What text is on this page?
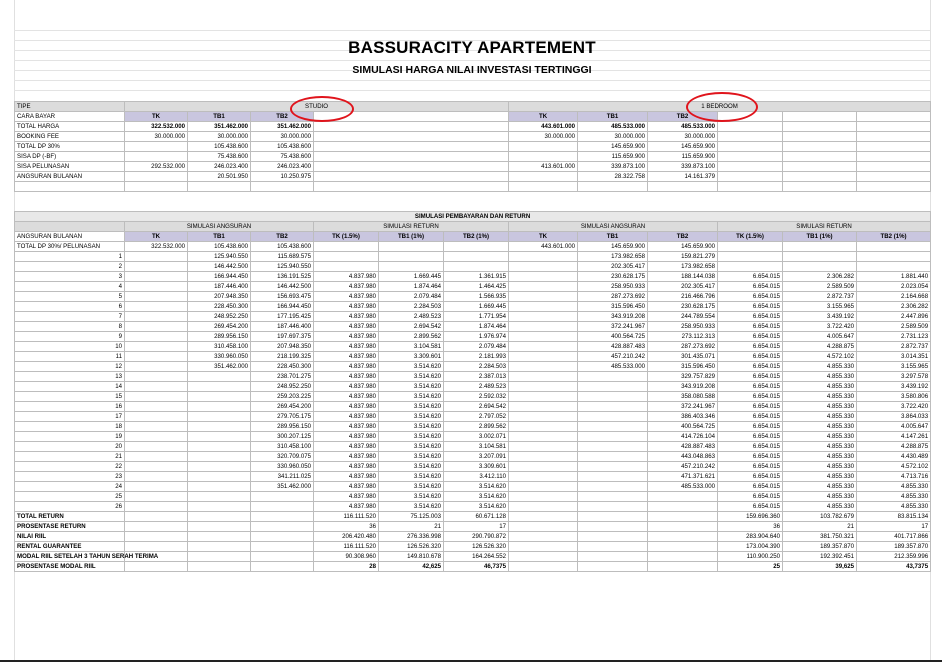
BASSURACITY APARTEMENT
SIMULASI HARGA NILAI INVESTASI TERTINGGI
TIPE	STUDIO				1 BEDROOM					
CARA BAYAR	TK	TB1	TB2		TK	TB1	TB2			
TOTAL HARGA	322.532.000	351.462.000	351.462.000		443.601.000	485.533.000	485.533.000			
BOOKING FEE	30.000.000	30.000.000	30.000.000		30.000.000	30.000.000	30.000.000			
TOTAL DP 30%		105.438.600	105.438.600			145.659.900	145.659.900			
SISA DP (-BF)		75.438.600	75.438.600			115.659.900	115.659.900			
SISA PELUNASAN	292.532.000	246.023.400	246.023.400		413.601.000	339.873.100	339.873.100			
ANGSURAN BULANAN		20.501.950	10.250.975			28.322.758	14.161.379			

SIMULASI PEMBAYARAN DAN RETURN												
	SIMULASI ANGSURAN			SIMULASI RETURN			SIMULASI ANGSURAN			SIMULASI RETURN		
ANGSURAN BULANAN	TK	TB1	TB2	TK (1.5%)	TB1 (1%)	TB2 (1%)	TK	TB1	TB2	TK (1.5%)	TB1 (1%)	TB2 (1%)
TOTAL DP 30%/ PELUNASAN	322.532.000	105.438.600	105.438.600				443.601.000	145.659.900	145.659.900			
1		125.940.550	115.689.575					173.982.658	159.821.279			
2		146.442.500	125.940.550					202.305.417	173.982.658			
3		166.944.450	136.191.525	4.837.980	1.669.445	1.361.915		230.628.175	188.144.038	6.654.015	2.306.282	1.881.440
4		187.446.400	146.442.500	4.837.980	1.874.464	1.464.425		258.950.933	202.305.417	6.654.015	2.589.509	2.023.054
5		207.948.350	156.693.475	4.837.980	2.079.484	1.566.935		287.273.692	216.466.796	6.654.015	2.872.737	2.164.668
6		228.450.300	166.944.450	4.837.980	2.284.503	1.669.445		315.596.450	230.628.175	6.654.015	3.155.965	2.306.282
7		248.952.250	177.195.425	4.837.980	2.489.523	1.771.954		343.919.208	244.789.554	6.654.015	3.439.192	2.447.896
8		269.454.200	187.446.400	4.837.980	2.694.542	1.874.464		372.241.967	258.950.933	6.654.015	3.722.420	2.589.509
9		289.956.150	197.697.375	4.837.980	2.899.562	1.976.974		400.564.725	273.112.313	6.654.015	4.005.647	2.731.123
10		310.458.100	207.948.350	4.837.980	3.104.581	2.079.484		428.887.483	287.273.692	6.654.015	4.288.875	2.872.737
11		330.960.050	218.199.325	4.837.980	3.309.601	2.181.993		457.210.242	301.435.071	6.654.015	4.572.102	3.014.351
12		351.462.000	228.450.300	4.837.980	3.514.620	2.284.503		485.533.000	315.596.450	6.654.015	4.855.330	3.155.965
13			238.701.275	4.837.980	3.514.620	2.387.013			329.757.829	6.654.015	4.855.330	3.297.578
14			248.952.250	4.837.980	3.514.620	2.489.523			343.919.208	6.654.015	4.855.330	3.439.192
15			259.203.225	4.837.980	3.514.620	2.592.032			358.080.588	6.654.015	4.855.330	3.580.806
16			269.454.200	4.837.980	3.514.620	2.694.542			372.241.967	6.654.015	4.855.330	3.722.420
17			279.705.175	4.837.980	3.514.620	2.797.052			386.403.346	6.654.015	4.855.330	3.864.033
18			289.956.150	4.837.980	3.514.620	2.899.562			400.564.725	6.654.015	4.855.330	4.005.647
19			300.207.125	4.837.980	3.514.620	3.002.071			414.726.104	6.654.015	4.855.330	4.147.261
20			310.458.100	4.837.980	3.514.620	3.104.581			428.887.483	6.654.015	4.855.330	4.288.875
21			320.709.075	4.837.980	3.514.620	3.207.091			443.048.863	6.654.015	4.855.330	4.430.489
22			330.960.050	4.837.980	3.514.620	3.309.601			457.210.242	6.654.015	4.855.330	4.572.102
23			341.211.025	4.837.980	3.514.620	3.412.110			471.371.621	6.654.015	4.855.330	4.713.716
24			351.462.000	4.837.980	3.514.620	3.514.620			485.533.000	6.654.015	4.855.330	4.855.330
25				4.837.980	3.514.620	3.514.620				6.654.015	4.855.330	4.855.330
26				4.837.980	3.514.620	3.514.620				6.654.015	4.855.330	4.855.330
TOTAL RETURN				116.111.520	75.125.003	60.671.128				159.696.360	103.782.679	83.815.134
PROSENTASE RETURN				36	21	17				36	21	17
NILAI RIIL				206.420.480	276.336.998	290.790.872				283.904.640	381.750.321	401.717.866
RENTAL GUARANTEE				116.111.520	126.526.320	126.526.320				173.004.390	189.357.870	189.357.870
MODAL RIIL SETELAH 3 TAHUN SERAH TERIMA				90.308.960	149.810.678	164.264.552				110.900.250	192.392.451	212.359.996
PROSENTASE MODAL RIIL				28	42,625	46,7375				25	39,625	43,7375
